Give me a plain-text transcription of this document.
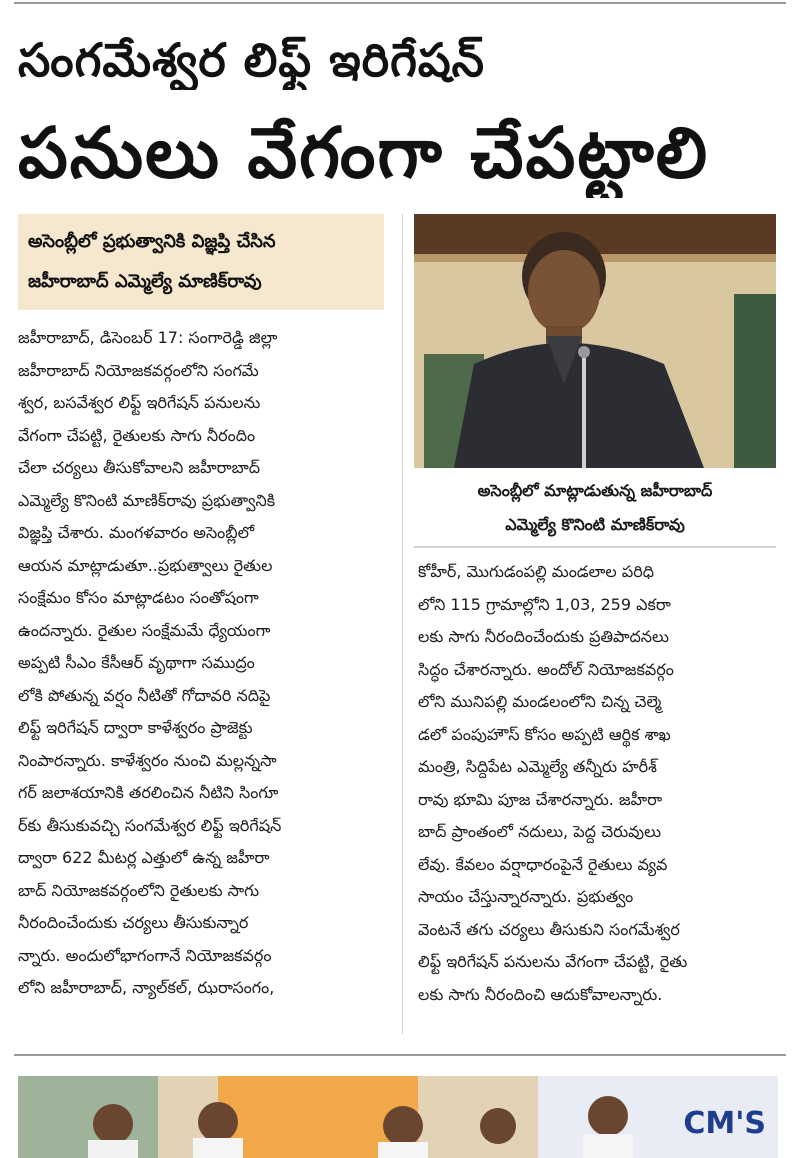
సంగమేశ్వర లిఫ్ట్ ఇరిగేషన్
పనులు వేగంగా చేపట్టాలి
అసెంబ్లీలో ప్రభుత్వానికి విజ్ఞప్తి చేసిన
జహీరాబాద్ ఎమ్మెల్యే మాణిక్‌రావు
అసెంబ్లీలో మాట్లాడుతున్న జహీరాబాద్
ఎమ్మెల్యే కొనింటి మాణిక్‌రావు
జహీరాబాద్, డిసెంబర్ 17: సంగారెడ్డి జిల్లా
జహీరాబాద్ నియోజకవర్గంలోని సంగమే
శ్వర, బసవేశ్వర లిఫ్ట్ ఇరిగేషన్ పనులను
వేగంగా చేపట్టి, రైతులకు సాగు నీరందిం
చేలా చర్యలు తీసుకోవాలని జహీరాబాద్
ఎమ్మెల్యే కొనింటి మాణిక్‌రావు ప్రభుత్వానికి
విజ్ఞప్తి చేశారు. మంగళవారం అసెంబ్లీలో
ఆయన మాట్లాడుతూ..ప్రభుత్వాలు రైతుల
సంక్షేమం కోసం మాట్లాడటం సంతోషంగా
ఉందన్నారు. రైతుల సంక్షేమమే ధ్యేయంగా
అప్పటి సీఎం కేసీఆర్ వృథాగా సముద్రం
లోకి పోతున్న వర్షం నీటితో గోదావరి నదిపై
లిఫ్ట్ ఇరిగేషన్ ద్వారా కాళేశ్వరం ప్రాజెక్టు
నింపారన్నారు. కాళేశ్వరం నుంచి మల్లన్నసా
గర్ జలాశయానికి తరలించిన నీటిని సింగూ
ర్‌కు తీసుకువచ్చి సంగమేశ్వర లిఫ్ట్ ఇరిగేషన్
ద్వారా 622 మీటర్ల ఎత్తులో ఉన్న జహీరా
బాద్ నియోజకవర్గంలోని రైతులకు సాగు
నీరందించేందుకు చర్యలు తీసుకున్నార
న్నారు. అందులోభాగంగానే నియోజకవర్గం
లోని జహీరాబాద్, న్యాల్‌కల్, ఝరాసంగం,
కోహీర్, మొగుడంపల్లి మండలాల పరిధి
లోని 115 గ్రామాల్లోని 1,03, 259 ఎకరా
లకు సాగు నీరందించేందుకు ప్రతిపాదనలు
సిద్ధం చేశారన్నారు. అందోల్ నియోజకవర్గం
లోని మునిపల్లి మండలంలోని చిన్న చెల్మె
డలో పంపుహౌస్ కోసం అప్పటి ఆర్థిక శాఖ
మంత్రి, సిద్దిపేట ఎమ్మెల్యే తన్నీరు హరీశ్
రావు భూమి పూజ చేశారన్నారు. జహీరా
బాద్ ప్రాంతంలో నదులు, పెద్ద చెరువులు
లేవు. కేవలం వర్షాధారంపైనే రైతులు వ్యవ
సాయం చేస్తున్నారన్నారు. ప్రభుత్వం
వెంటనే తగు చర్యలు తీసుకుని సంగమేశ్వర
లిఫ్ట్ ఇరిగేషన్ పనులను వేగంగా చేపట్టి, రైతు
లకు సాగు నీరందించి ఆదుకోవాలన్నారు.
CM'S
